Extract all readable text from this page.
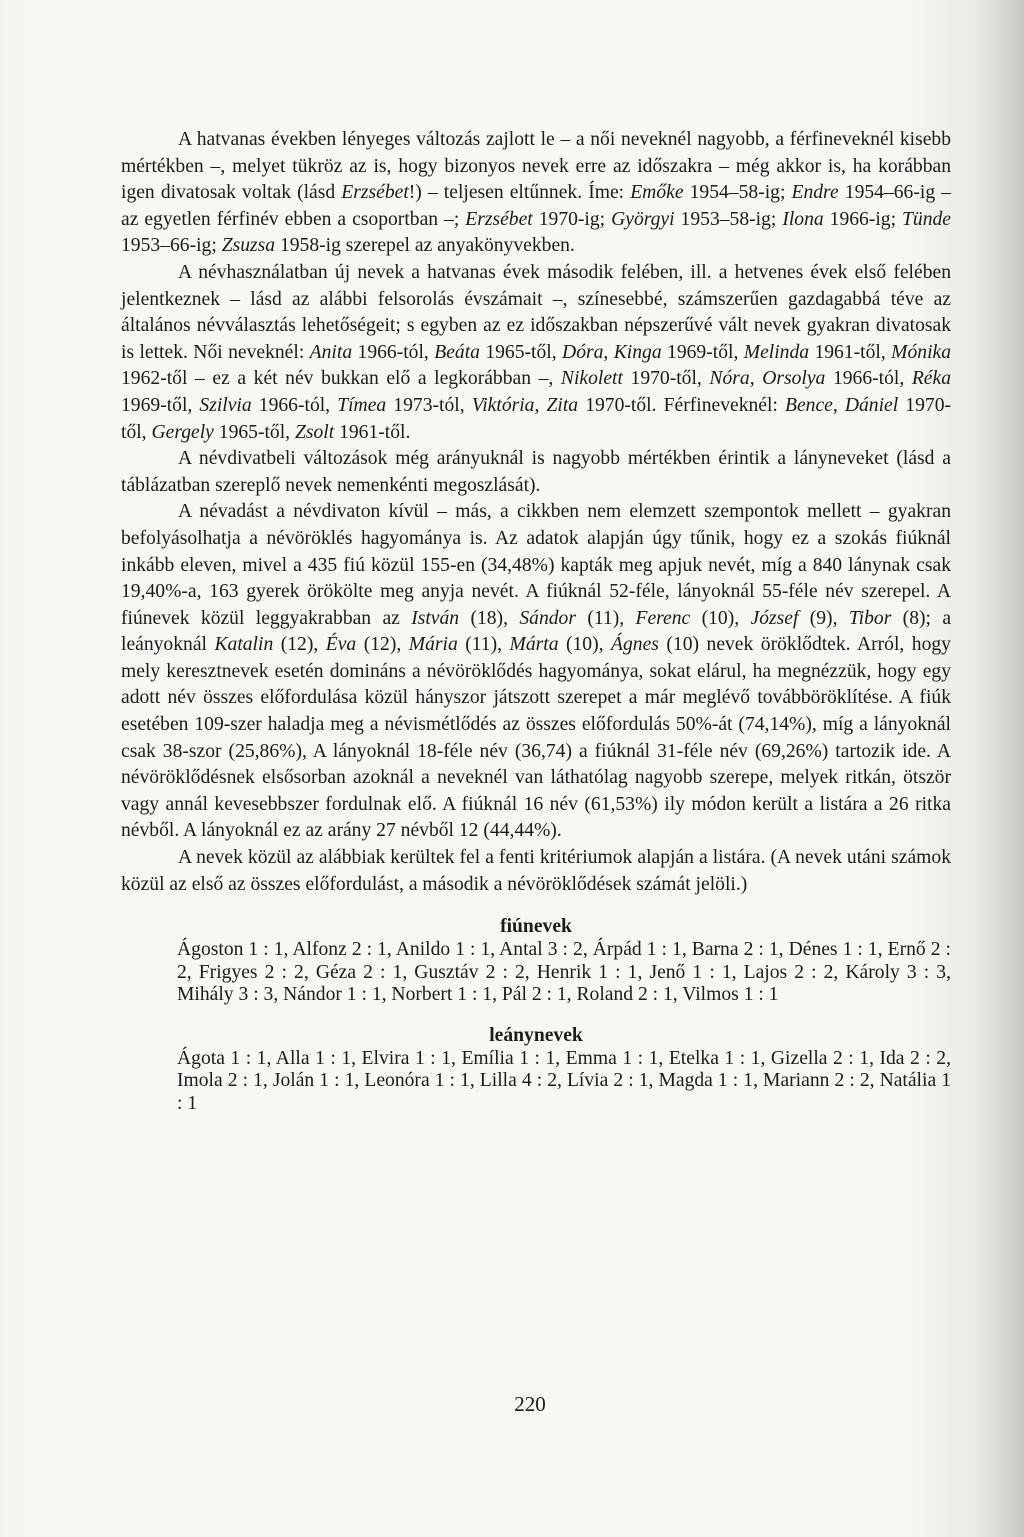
A hatvanas években lényeges változás zajlott le – a női neveknél nagyobb, a férfineveknél kisebb mértékben –, melyet tükröz az is, hogy bizonyos nevek erre az időszakra – még akkor is, ha korábban igen divatosak voltak (lásd Erzsébet!) – teljesen eltűnnek. Íme: Emőke 1954–58-ig; Endre 1954–66-ig – az egyetlen férfinév ebben a csoportban –; Erzsébet 1970-ig; Györgyi 1953–58-ig; Ilona 1966-ig; Tünde 1953–66-ig; Zsuzsa 1958-ig szerepel az anyakönyvekben.

A névhasználatban új nevek a hatvanas évek második felében, ill. a hetvenes évek első felében jelentkeznek – lásd az alábbi felsorolás évszámait –, színesebbé, számszerűen gazdagabbá téve az általános névválasztás lehetőségeit; s egyben az ez időszakban népszerűvé vált nevek gyakran divatosak is lettek. Női neveknél: Anita 1966-tól, Beáta 1965-től, Dóra, Kinga 1969-től, Melinda 1961-től, Mónika 1962-től – ez a két név bukkan elő a legkorábban –, Nikolett 1970-től, Nóra, Orsolya 1966-tól, Réka 1969-től, Szilvia 1966-tól, Tímea 1973-tól, Viktória, Zita 1970-től. Férfineveknél: Bence, Dániel 1970-től, Gergely 1965-től, Zsolt 1961-től.

A névdivatbeli változások még arányuknál is nagyobb mértékben érintik a lányneveket (lásd a táblázatban szereplő nevek nemenkénti megoszlását).

A névadást a névdivaton kívül – más, a cikkben nem elemzett szempontok mellett – gyakran befolyásolhatja a névöröklés hagyománya is. Az adatok alapján úgy tűnik, hogy ez a szokás fiúknál inkább eleven, mivel a 435 fiú közül 155-en (34,48%) kapták meg apjuk nevét, míg a 840 lánynak csak 19,40%-a, 163 gyerek örökölte meg anyja nevét. A fiúknál 52-féle, lányoknál 55-féle név szerepel. A fiúnevek közül leggyakrabban az István (18), Sándor (11), Ferenc (10), József (9), Tibor (8); a leányoknál Katalin (12), Éva (12), Mária (11), Márta (10), Ágnes (10) nevek öröklődtek. Arról, hogy mely keresztnevek esetén domináns a névöröklődés hagyománya, sokat elárul, ha megnézzük, hogy egy adott név összes előfordulása közül hányszor játszott szerepet a már meglévő továbböröklítése. A fiúk esetében 109-szer haladja meg a névismétlődés az összes előfordulás 50%-át (74,14%), míg a lányoknál csak 38-szor (25,86%), A lányoknál 18-féle név (36,74) a fiúknál 31-féle név (69,26%) tartozik ide. A névöröklődésnek elsősorban azoknál a neveknél van láthatólag nagyobb szerepe, melyek ritkán, ötször vagy annál kevesebbszer fordulnak elő. A fiúknál 16 név (61,53%) ily módon került a listára a 26 ritka névből. A lányoknál ez az arány 27 névből 12 (44,44%).

A nevek közül az alábbiak kerültek fel a fenti kritériumok alapján a listára. (A nevek utáni számok közül az első az összes előfordulást, a második a névöröklődések számát jelöli.)

fiúnevek
Ágoston 1 : 1, Alfonz 2 : 1, Anildo 1 : 1, Antal 3 : 2, Árpád 1 : 1, Barna 2 : 1, Dénes 1 : 1, Ernő 2 : 2, Frigyes 2 : 2, Géza 2 : 1, Gusztáv 2 : 2, Henrik 1 : 1, Jenő 1 : 1, Lajos 2 : 2, Károly 3 : 3, Mihály 3 : 3, Nándor 1 : 1, Norbert 1 : 1, Pál 2 : 1, Roland 2 : 1, Vilmos 1 : 1
leánynevek
Ágota 1 : 1, Alla 1 : 1, Elvira 1 : 1, Emília 1 : 1, Emma 1 : 1, Etelka 1 : 1, Gizella 2 : 1, Ida 2 : 2, Imola 2 : 1, Jolán 1 : 1, Leonóra 1 : 1, Lilla 4 : 2, Lívia 2 : 1, Magda 1 : 1, Mariann 2 : 2, Natália 1 : 1
220
